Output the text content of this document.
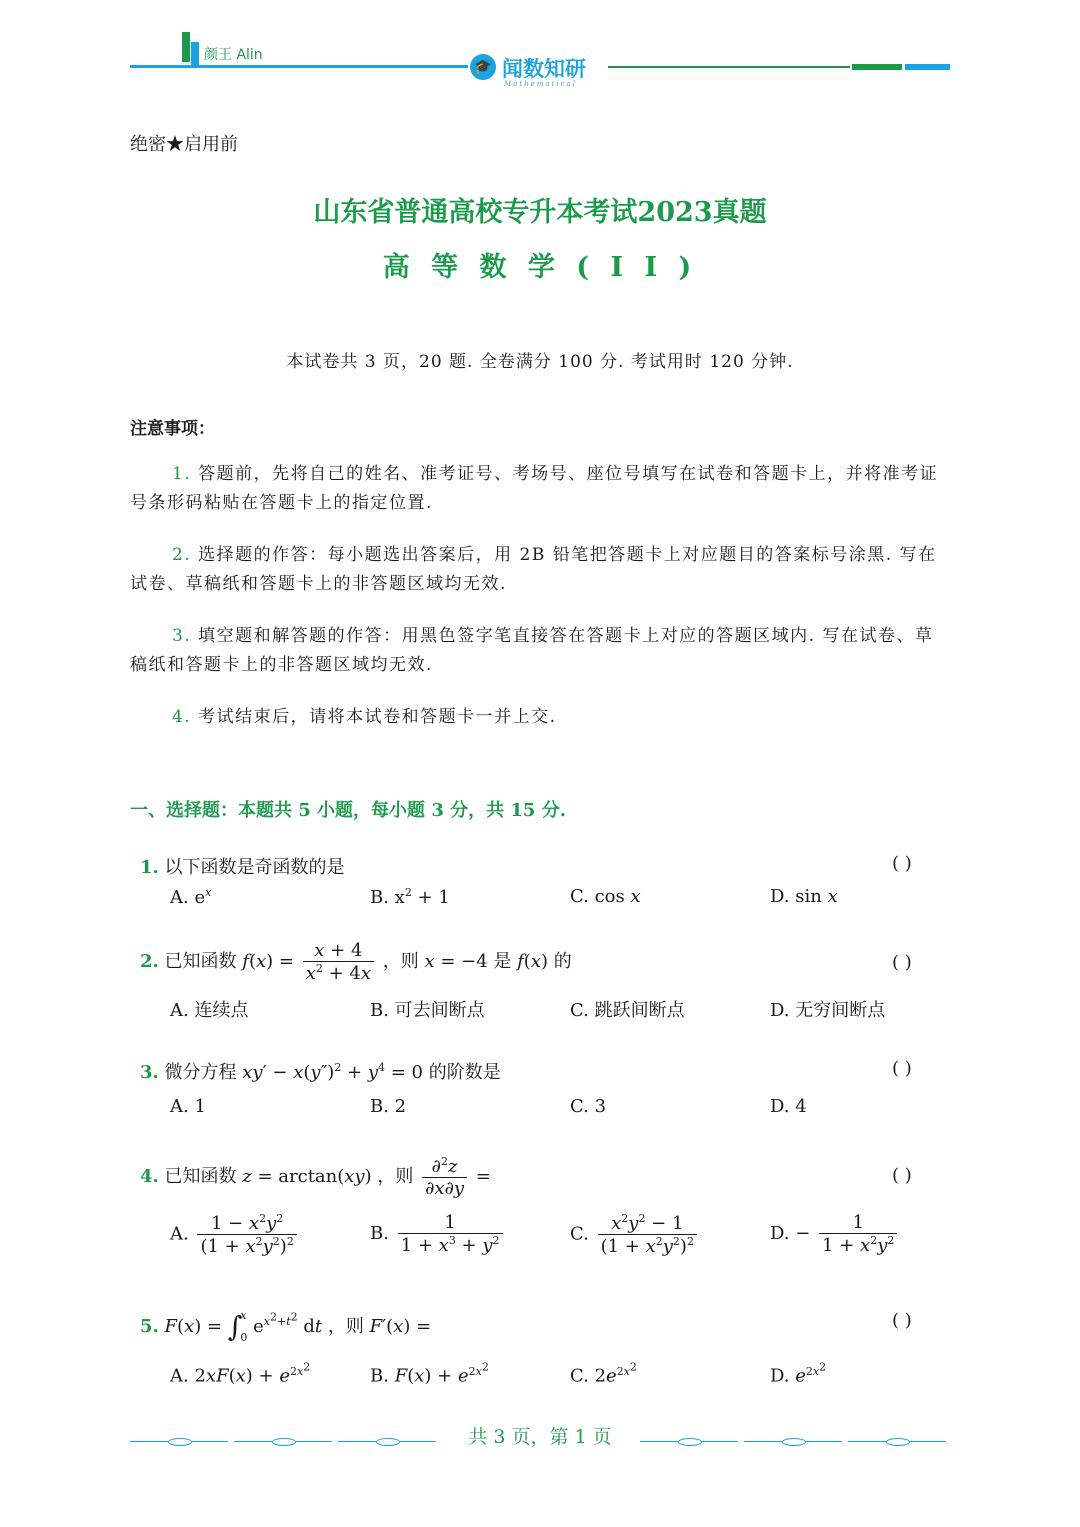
颜王 Alin
🎓 闻数知研
Mathematical
绝密★启用前
山东省普通高校专升本考试2023真题
高 等 数 学 ( I I )
本试卷共 3 页，20 题. 全卷满分 100 分. 考试用时 120 分钟.
注意事项：
1. 答题前，先将自己的姓名、准考证号、考场号、座位号填写在试卷和答题卡上，并将准考证号条形码粘贴在答题卡上的指定位置.
2. 选择题的作答：每小题选出答案后，用 2B 铅笔把答题卡上对应题目的答案标号涂黑. 写在试卷、草稿纸和答题卡上的非答题区域均无效.
3. 填空题和解答题的作答：用黑色签字笔直接答在答题卡上对应的答题区域内. 写在试卷、草稿纸和答题卡上的非答题区域均无效.
4. 考试结束后，请将本试卷和答题卡一并上交.
一、选择题：本题共 5 小题，每小题 3 分，共 15 分.
1. 以下函数是奇函数的是	( )
A. $e^x$	B. $x^2 + 1$	C. cos x	D. sin x
2. 已知函数 $f(x) = \frac{x + 4}{x^2 + 4x}$ ，则 x = −4 是 f(x) 的	( )
A. 连续点	B. 可去间断点	C. 跳跃间断点	D. 无穷间断点
3. 微分方程 $xy' - x(y'')^2 + y^4 = 0$ 的阶数是	( )
A. 1	B. 2	C. 3	D. 4
4. 已知函数 z = arctan(xy) ，则 $\frac{\partial^2z}{\partial x\partial y}$ =	( )
A. $\frac{1 - x^2y^2}{(1 + x^2y^2)^2}$	B. $\frac{1}{1 + x^3 + y^2}$	C. $\frac{x^2y^2 - 1}{(1 + x^2y^2)^2}$	D. − $\frac{1}{1 + x^2y^2}$
5. F(x) = ∫x
0 $e^{x^2+t^2}$ dt ，则 F′(x) =	( )
A. $2xF(x) + e^{2x^2}$	B. $F(x) + e^{2x^2}$	C. $2e^{2x^2}$	D. $e^{2x^2}$
共 3 页，第 1 页
